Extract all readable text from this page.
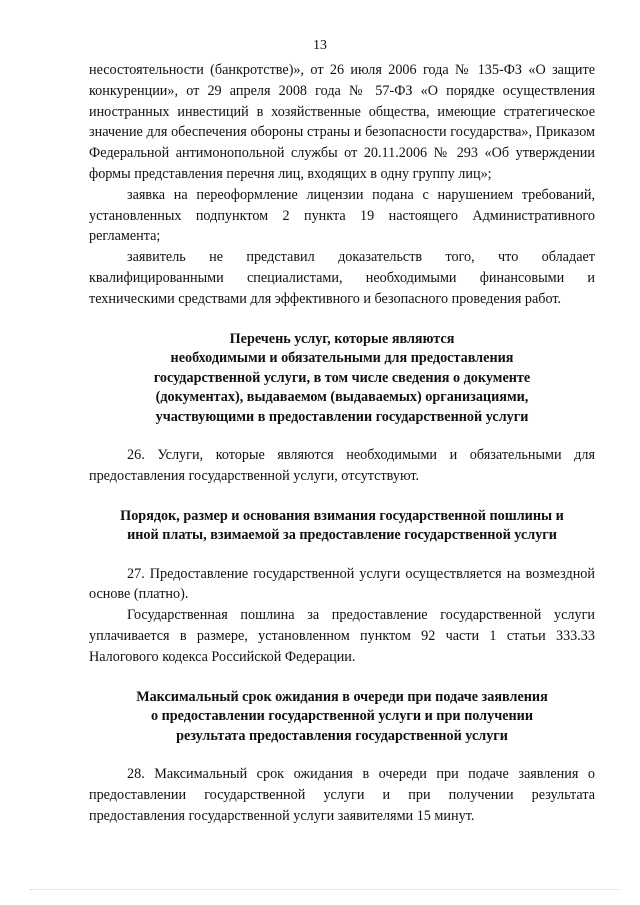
13

несостоятельности (банкротстве)», от 26 июля 2006 года № 135-ФЗ «О защите конкуренции», от 29 апреля 2008 года № 57-ФЗ «О порядке осуществления иностранных инвестиций в хозяйственные общества, имеющие стратегическое значение для обеспечения обороны страны и безопасности государства», Приказом Федеральной антимонопольной службы от 20.11.2006 № 293 «Об утверждении формы представления перечня лиц, входящих в одну группу лиц»;

заявка на переоформление лицензии подана с нарушением требований, установленных подпунктом 2 пункта 19 настоящего Административного регламента;

заявитель не представил доказательств того, что обладает квалифицированными специалистами, необходимыми финансовыми и техническими средствами для эффективного и безопасного проведения работ.

Перечень услуг, которые являются
необходимыми и обязательными для предоставления
государственной услуги, в том числе сведения о документе
(документах), выдаваемом (выдаваемых) организациями,
участвующими в предоставлении государственной услуги

26. Услуги, которые являются необходимыми и обязательными для предоставления государственной услуги, отсутствуют.

Порядок, размер и основания взимания государственной пошлины и
иной платы, взимаемой за предоставление государственной услуги

27. Предоставление государственной услуги осуществляется на возмездной основе (платно).

Государственная пошлина за предоставление государственной услуги уплачивается в размере, установленном пунктом 92 части 1 статьи 333.33 Налогового кодекса Российской Федерации.

Максимальный срок ожидания в очереди при подаче заявления
о предоставлении государственной услуги и при получении
результата предоставления государственной услуги

28. Максимальный срок ожидания в очереди при подаче заявления о предоставлении государственной услуги и при получении результата предоставления государственной услуги заявителями 15 минут.
